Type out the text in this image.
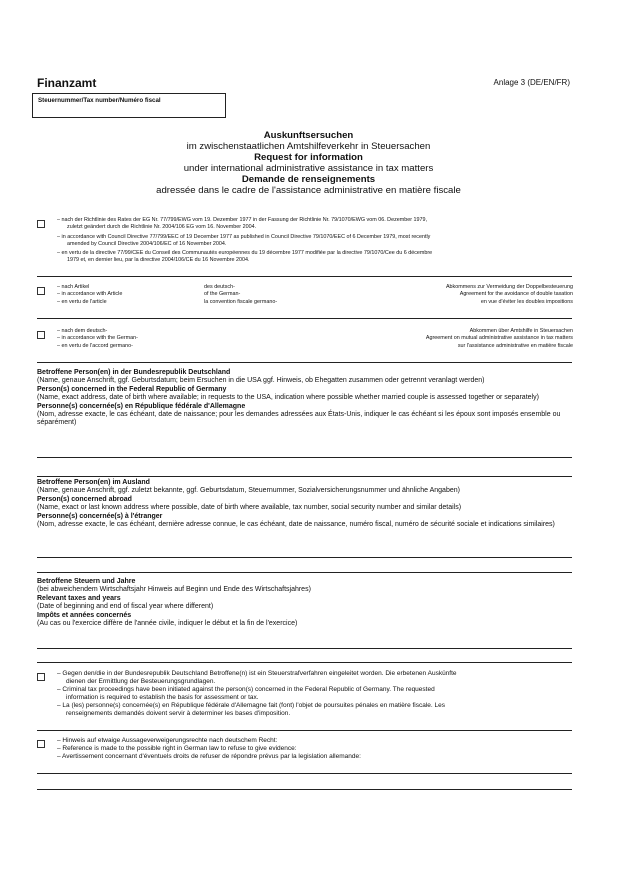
Finanzamt	Anlage 3 (DE/EN/FR)
Steuernummer/Tax number/Numéro fiscal
Auskunftsersuchen
im zwischenstaatlichen Amtshilfeverkehr in Steuersachen
Request for information
under international administrative assistance in tax matters
Demande de renseignements
adressée dans le cadre de l'assistance administrative en matière fiscale
– nach der Richtlinie des Rates der EG Nr. 77/799/EWG vom 19. Dezember 1977 in der Fassung der Richtlinie Nr. 79/1070/EWG vom 06. Dezember 1979,
zuletzt geändert durch die Richtlinie Nr. 2004/106 EG vom 16. November 2004.
– in accordance with Council Directive 77/799/EEC of 19 December 1977 as published in Council Directive 79/1070/EEC of 6 December 1979, most recently
amended by Council Directive 2004/106/EC of 16 November 2004.
– en vertu de la directive 77/99/CEE du Conseil des Communautés européennes du 19 décembre 1977 modifiée par la directive 79/1070/Cee du 6 décembre
1979 et, en dernier lieu, par la directive 2004/106/CE du 16 Novembre 2004.
– nach Artikel
– in accordance with Article
– en vertu de l'article
des deutsch-
of the German-
la convention fiscale germano-
Abkommens zur Vermeidung der Doppelbesteuerung
Agreement for the avoidance of double taxation
en vue d'éviter les doubles impositions
– nach dem deutsch-
– in accordance with the German-
– en vertu de l'accord germano-
Abkommen über Amtshilfe in Steuersachen
Agreement on mutual administrative assistance in tax matters
sur l'assistance administrative en matière fiscale
Betroffene Person(en) in der Bundesrepublik Deutschland
(Name, genaue Anschrift, ggf. Geburtsdatum; beim Ersuchen in die USA ggf. Hinweis, ob Ehegatten zusammen oder getrennt veranlagt werden)
Person(s) concerned in the Federal Republic of Germany
(Name, exact address, date of birth where available; in requests to the USA, indication where possible whether married couple is assessed together or separately)
Personne(s) concernée(s) en République fédérale d'Allemagne
(Nom, adresse exacte, le cas échéant, date de naissance; pour les demandes adressées aux États-Unis, indiquer le cas échéant si les époux sont imposés ensemble ou séparément)
Betroffene Person(en) im Ausland
(Name, genaue Anschrift, ggf. zuletzt bekannte, ggf. Geburtsdatum, Steuernummer, Sozialversicherungsnummer und ähnliche Angaben)
Person(s) concerned abroad
(Name, exact or last known address where possible, date of birth where available, tax number, social security number and similar details)
Personne(s) concernée(s) à l'étranger
(Nom, adresse exacte, le cas échéant, dernière adresse connue, le cas échéant, date de naissance, numéro fiscal, numéro de sécurité sociale et indications similaires)
Betroffene Steuern und Jahre
(bei abweichendem Wirtschaftsjahr Hinweis auf Beginn und Ende des Wirtschaftsjahres)
Relevant taxes and years
(Date of beginning and end of fiscal year where different)
Impôts et années concernés
(Au cas ou l'exercice diffère de l'année civile, indiquer le début et la fin de l'exercice)
– Gegen den/die in der Bundesrepublik Deutschland Betroffene(n) ist ein Steuerstrafverfahren eingeleitet worden. Die erbetenen Auskünfte
dienen der Ermittlung der Besteuerungsgrundlagen.
– Criminal tax proceedings have been initiated against the person(s) concerned in the Federal Republic of Germany. The requested
information is required to establish the basis for assessment or tax.
– La (les) personne(s) concernée(s) en République fédérale d'Allemagne fait (font) l'objet de poursuites pénales en matière fiscale. Les
renseignements demandés doivent servir à determiner les bases d'imposition.
– Hinweis auf etwaige Aussageverweigerungsrechte nach deutschem Recht:
– Reference is made to the possible right in German law to refuse to give evidence:
– Avertissement concernant d'éventuels droits de refuser de répondre prévus par la legislation allemande:
